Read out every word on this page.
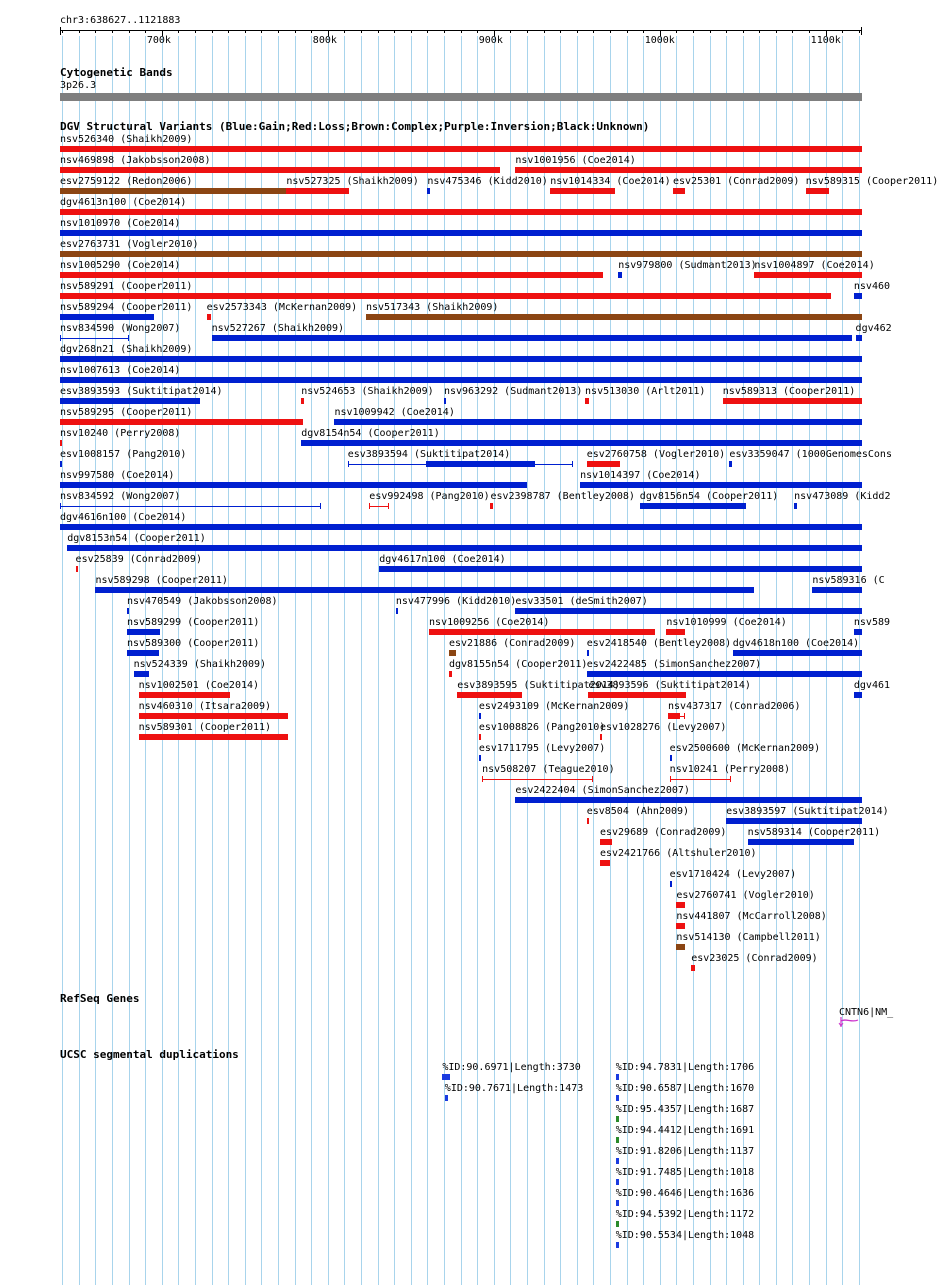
chr3:638627..1121883
700k	800k	900k	1000k	1100k
Cytogenetic Bands
3p26.3
DGV Structural Variants (Blue:Gain;Red:Loss;Brown:Complex;Purple:Inversion;Black:Unknown)
nsv526340 (Shaikh2009)
nsv469898 (Jakobsson2008)	nsv1001956 (Coe2014)
esv2759122 (Redon2006)	nsv527325 (Shaikh2009) nsv475346 (Kidd2010) nsv1014334 (Coe2014) esv25301 (Conrad2009) nsv589315 (Cooper2011)
dgv4613n100 (Coe2014)
nsv1010970 (Coe2014)
esv2763731 (Vogler2010)
nsv1005290 (Coe2014)	nsv979800 (Sudmant2013)
nsv1004897 (Coe2014)
nsv589291 (Cooper2011)	nsv460
nsv589294 (Cooper2011) esv2573343 (McKernan2009) nsv517343 (Shaikh2009)
nsv834590 (Wong2007)	nsv527267 (Shaikh2009)	dgv462
dgv268n21 (Shaikh2009)
nsv1007613 (Coe2014)
esv3893593 (Suktitipat2014)	nsv524653 (Shaikh2009) nsv963292 (Sudmant2013) nsv513030 (Arlt2011) nsv589313 (Cooper2011)
nsv589295 (Cooper2011)	nsv1009942 (Coe2014)
nsv10240 (Perry2008)	dgv8154n54 (Cooper2011)
esv1008157 (Pang2010)	esv3893594 (Suktitipat2014)	esv2760758 (Vogler2010) esv3359047 (1000GenomesCons
nsv997580 (Coe2014)	nsv1014397 (Coe2014)
nsv834592 (Wong2007)	esv992498 (Pang2010) esv2398787 (Bentley2008) dgv8156n54 (Cooper2011) nsv473089 (Kidd2
dgv4616n100 (Coe2014)
dgv8153n54 (Cooper2011)
esv25839 (Conrad2009)	dgv4617n100 (Coe2014)
nsv589298 (Cooper2011)	nsv589316 (C
nsv470549 (Jakobsson2008)	nsv477996 (Kidd2010) esv33501 (deSmith2007)
nsv589299 (Cooper2011)	nsv1009256 (Coe2014)	nsv1010999 (Coe2014)	nsv589
nsv589300 (Cooper2011)	esv21886 (Conrad2009) esv2418540 (Bentley2008) dgv4618n100 (Coe2014)
nsv524339 (Shaikh2009)	dgv8155n54 (Cooper2011) esv2422485 (SimonSanchez2007)
nsv1002501 (Coe2014)	esv3893595 (Suktitipat2014)
esv3893596 (Suktitipat2014)	dgv461
nsv460310 (Itsara2009)	esv2493109 (McKernan2009)	nsv437317 (Conrad2006)
nsv589301 (Cooper2011)	esv1008826 (Pang2010)
esv1028276 (Levy2007)
esv1711795 (Levy2007)	esv2500600 (McKernan2009)
nsv508207 (Teague2010)	nsv10241 (Perry2008)
esv2422404 (SimonSanchez2007)
esv8504 (Ahn2009)	esv3893597 (Suktitipat2014)
esv29689 (Conrad2009) nsv589314 (Cooper2011)
esv2421766 (Altshuler2010)
esv1710424 (Levy2007)
esv2760741 (Vogler2010)
nsv441807 (McCarroll2008)
nsv514130 (Campbell2011)
esv23025 (Conrad2009)
RefSeq Genes
CNTN6|NM_
UCSC segmental duplications
%ID:90.6971|Length:3730
%ID:90.7671|Length:1473
%ID:94.7831|Length:1706
%ID:90.6587|Length:1670
%ID:95.4357|Length:1687
%ID:94.4412|Length:1691
%ID:91.8206|Length:1137
%ID:91.7485|Length:1018
%ID:90.4646|Length:1636
%ID:94.5392|Length:1172
%ID:90.5534|Length:1048
